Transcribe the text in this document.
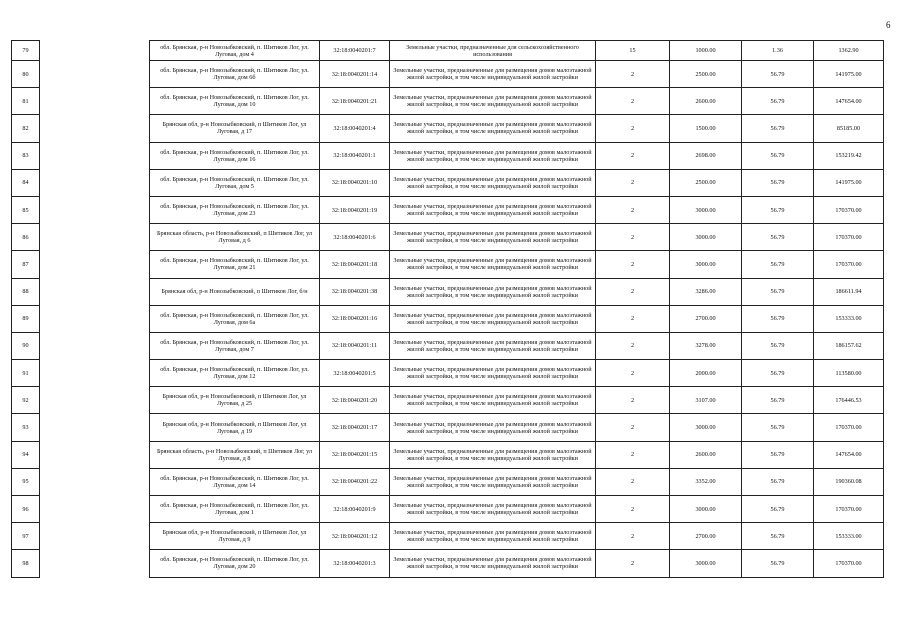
6
79		обл. Брянская, р-н Новозыбковский, п. Шитиков Лог, ул. Луговая, дом 4	32:18:0040201:7	Земельные участки, предназначенные для сельскохозяйственного использования	15	1000.00	1.36	1362.90
80		обл. Брянская, р-н Новозыбковский, п. Шитиков Лог, ул. Луговая, дом 6б	32:18:0040201:14	Земельные участки, предназначенные для размещения домов малоэтажной жилой застройки, в том числе индивидуальной жилой застройки	2	2500.00	56.79	141975.00
81		обл. Брянская, р-н Новозыбковский, п. Шитиков Лог, ул. Луговая, дом 10	32:18:0040201:21	Земельные участки, предназначенные для размещения домов малоэтажной жилой застройки, в том числе индивидуальной жилой застройки	2	2600.00	56.79	147654.00
82		Брянская обл, р-н Новозыбковский, п Шитиков Лог, ул Луговая, д 17	32:18:0040201:4	Земельные участки, предназначенные для размещения домов малоэтажной жилой застройки, в том числе индивидуальной жилой застройки	2	1500.00	56.79	85185.00
83		обл. Брянская, р-н Новозыбковский, п. Шитиков Лог, ул. Луговая, дом 16	32:18:0040201:1	Земельные участки, предназначенные для размещения домов малоэтажной жилой застройки, в том числе индивидуальной жилой застройки	2	2698.00	56.79	153219.42
84		обл. Брянская, р-н Новозыбковский, п. Шитиков Лог, ул. Луговая, дом 5	32:18:0040201:10	Земельные участки, предназначенные для размещения домов малоэтажной жилой застройки, в том числе индивидуальной жилой застройки	2	2500.00	56.79	141975.00
85		обл. Брянская, р-н Новозыбковский, п. Шитиков Лог, ул. Луговая, дом 23	32:18:0040201:19	Земельные участки, предназначенные для размещения домов малоэтажной жилой застройки, в том числе индивидуальной жилой застройки	2	3000.00	56.79	170370.00
86		Брянская область, р-н Новозыбковский, п Шитиков Лог, ул Луговая, д 6	32:18:0040201:6	Земельные участки, предназначенные для размещения домов малоэтажной жилой застройки, в том числе индивидуальной жилой застройки	2	3000.00	56.79	170370.00
87		обл. Брянская, р-н Новозыбковский, п. Шитиков Лог, ул. Луговая, дом 21	32:18:0040201:18	Земельные участки, предназначенные для размещения домов малоэтажной жилой застройки, в том числе индивидуальной жилой застройки	2	3000.00	56.79	170370.00
88		Брянская обл, р-н Новозыбковский, п Шитиков Лог, б/н	32:18:0040201:38	Земельные участки, предназначенные для размещения домов малоэтажной жилой застройки, в том числе индивидуальной жилой застройки	2	3286.00	56.79	186611.94
89		обл. Брянская, р-н Новозыбковский, п. Шитиков Лог, ул. Луговая, дом 6а	32:18:0040201:16	Земельные участки, предназначенные для размещения домов малоэтажной жилой застройки, в том числе индивидуальной жилой застройки	2	2700.00	56.79	153333.00
90		обл. Брянская, р-н Новозыбковский, п. Шитиков Лог, ул. Луговая, дом 7	32:18:0040201:11	Земельные участки, предназначенные для размещения домов малоэтажной жилой застройки, в том числе индивидуальной жилой застройки	2	3278.00	56.79	186157.62
91		обл. Брянская, р-н Новозыбковский, п. Шитиков Лог, ул. Луговая, дом 12	32:18:0040201:5	Земельные участки, предназначенные для размещения домов малоэтажной жилой застройки, в том числе индивидуальной жилой застройки	2	2000.00	56.79	113580.00
92		Брянская обл, р-н Новозыбковский, п Шитиков Лог, ул Луговая, д 25	32:18:0040201:20	Земельные участки, предназначенные для размещения домов малоэтажной жилой застройки, в том числе индивидуальной жилой застройки	2	3107.00	56.79	176446.53
93		Брянская обл, р-н Новозыбковский, п Шитиков Лог, ул Луговая, д 19	32:18:0040201:17	Земельные участки, предназначенные для размещения домов малоэтажной жилой застройки, в том числе индивидуальной жилой застройки	2	3000.00	56.79	170370.00
94		Брянская область, р-н Новозыбковский, п Шитиков Лог, ул Луговая, д 8	32:18:0040201:15	Земельные участки, предназначенные для размещения домов малоэтажной жилой застройки, в том числе индивидуальной жилой застройки	2	2600.00	56.79	147654.00
95		обл. Брянская, р-н Новозыбковский, п. Шитиков Лог, ул. Луговая, дом 14	32:18:0040201:22	Земельные участки, предназначенные для размещения домов малоэтажной жилой застройки, в том числе индивидуальной жилой застройки	2	3352.00	56.79	190360.08
96		обл. Брянская, р-н Новозыбковский, п. Шитиков Лог, ул. Луговая, дом 1	32:18:0040201:9	Земельные участки, предназначенные для размещения домов малоэтажной жилой застройки, в том числе индивидуальной жилой застройки	2	3000.00	56.79	170370.00
97		Брянская обл, р-н Новозыбковский, п Шитиков Лог, ул Луговая, д 9	32:18:0040201:12	Земельные участки, предназначенные для размещения домов малоэтажной жилой застройки, в том числе индивидуальной жилой застройки	2	2700.00	56.79	153333.00
98		обл. Брянская, р-н Новозыбковский, п. Шитиков Лог, ул. Луговая, дом 20	32:18:0040201:3	Земельные участки, предназначенные для размещения домов малоэтажной жилой застройки, в том числе индивидуальной жилой застройки	2	3000.00	56.79	170370.00
